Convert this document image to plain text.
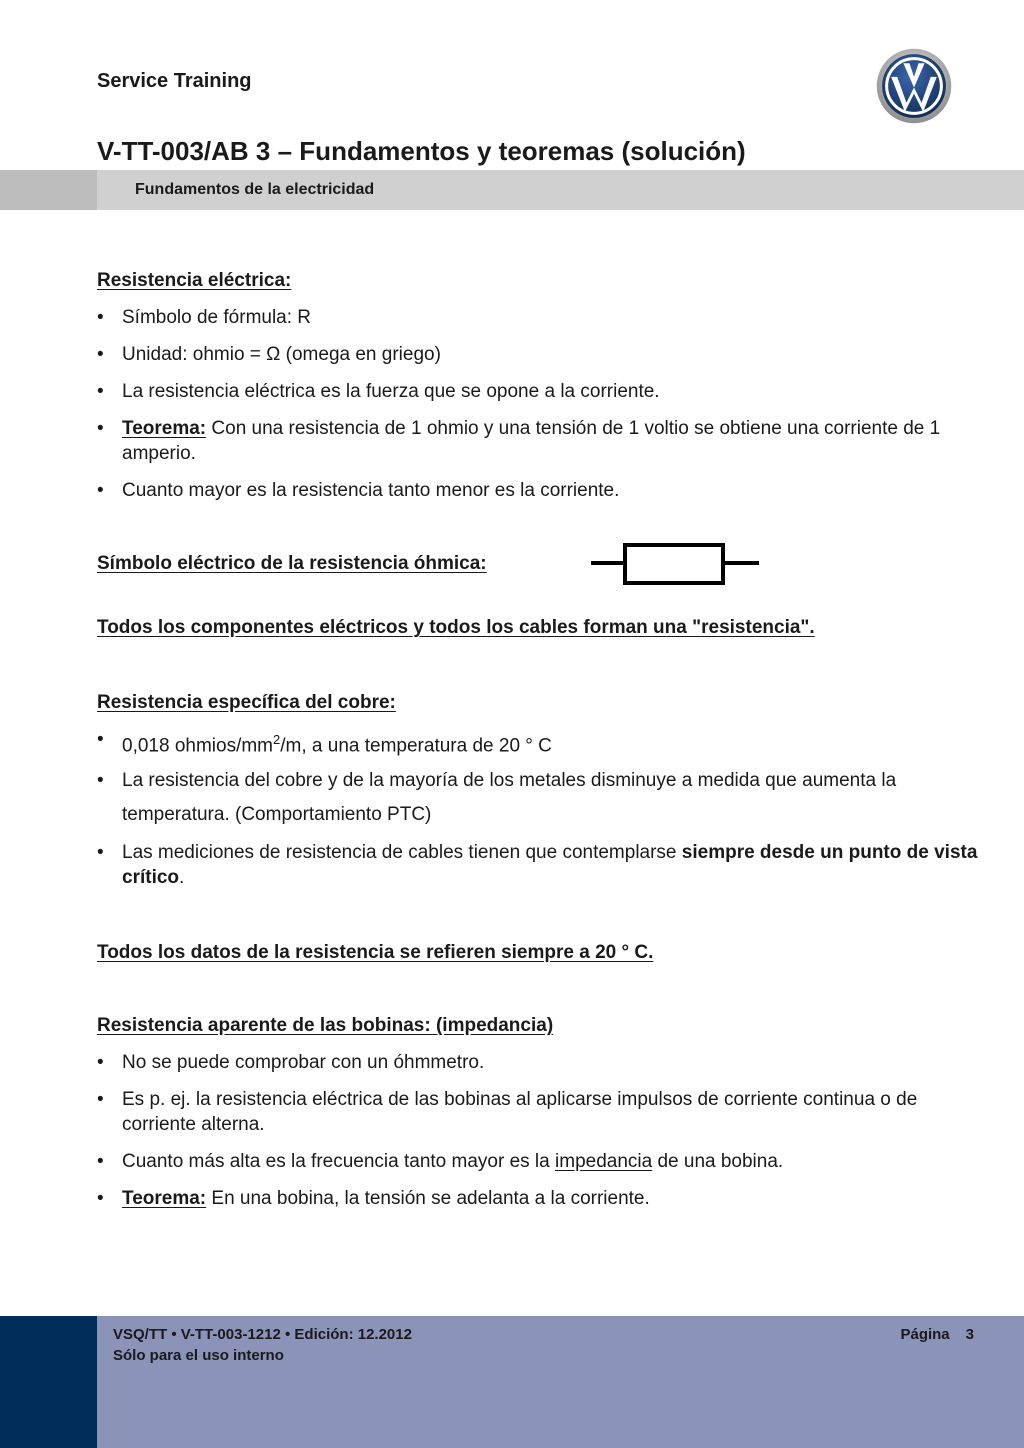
Service Training
V-TT-003/AB 3 – Fundamentos y teoremas (solución)
Fundamentos de la electricidad
Resistencia eléctrica:
• Símbolo de fórmula: R
• Unidad: ohmio = Ω (omega en griego)
• La resistencia eléctrica es la fuerza que se opone a la corriente.
• Teorema: Con una resistencia de 1 ohmio y una tensión de 1 voltio se obtiene una corriente de 1 amperio.
• Cuanto mayor es la resistencia tanto menor es la corriente.
Símbolo eléctrico de la resistencia óhmica:
Todos los componentes eléctricos y todos los cables forman una "resistencia".
Resistencia específica del cobre:
• 0,018 ohmios/$mm^2/m$, a una temperatura de 20 ° C
• La resistencia del cobre y de la mayoría de los metales disminuye a medida que aumenta la temperatura. (Comportamiento PTC)
• Las mediciones de resistencia de cables tienen que contemplarse siempre desde un punto de vista crítico.
Todos los datos de la resistencia se refieren siempre a 20 ° C.
Resistencia aparente de las bobinas: (impedancia)
• No se puede comprobar con un óhmmetro.
• Es p. ej. la resistencia eléctrica de las bobinas al aplicarse impulsos de corriente continua o de corriente alterna.
• Cuanto más alta es la frecuencia tanto mayor es la impedancia de una bobina.
• Teorema: En una bobina, la tensión se adelanta a la corriente.
VSQ/TT • V-TT-003-1212 • Edición: 12.2012
Sólo para el uso interno
Página 3
